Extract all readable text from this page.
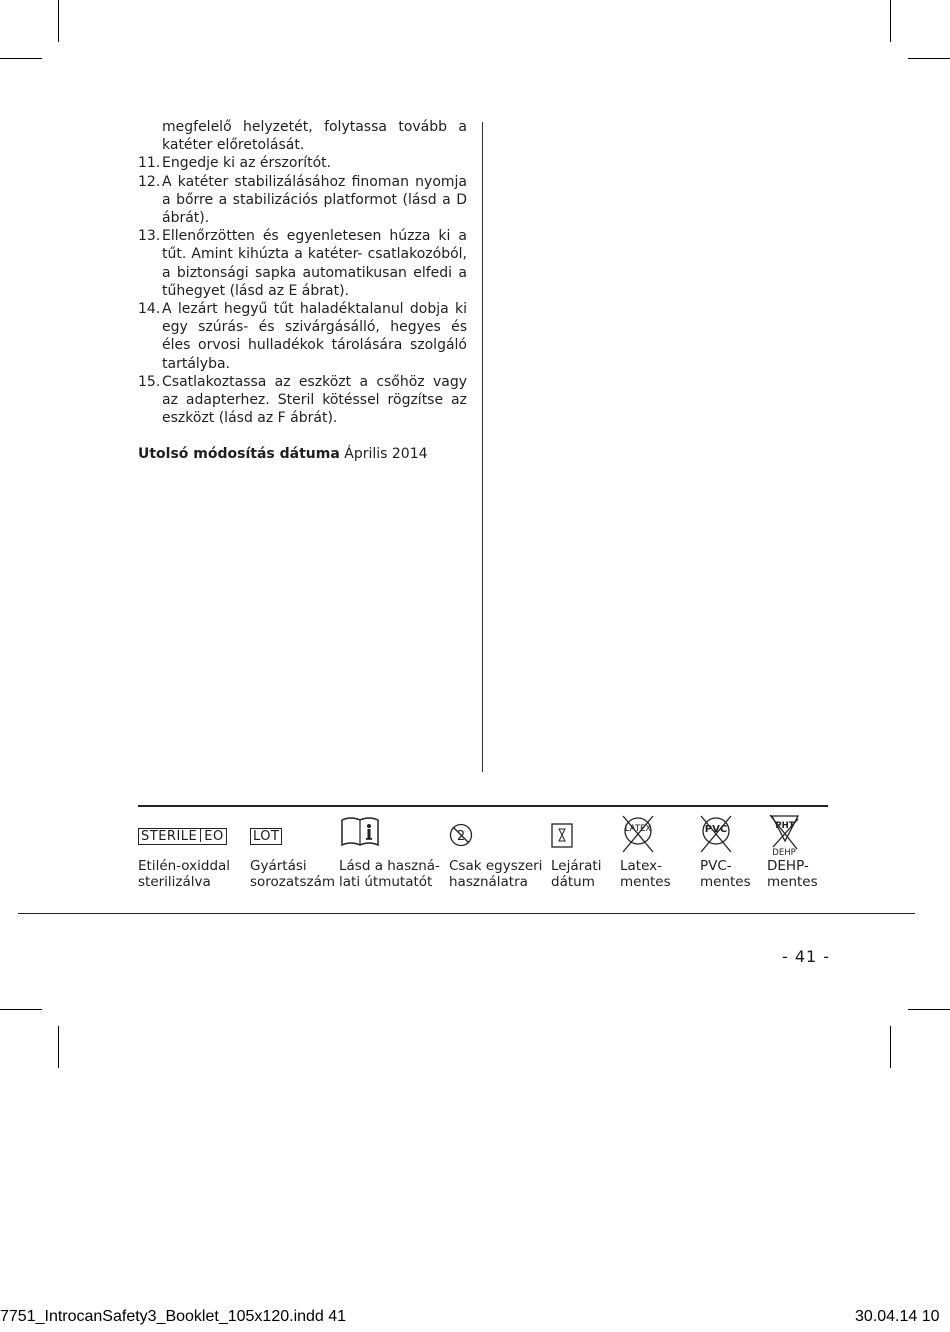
megfelelő helyzetét, folytassa tovább a katéter előretolását.
11. Engedje ki az érszorítót.
12. A katéter stabilizálásához finoman nyomja a bőrre a stabilizációs platformot (lásd a D ábrát).
13. Ellenőrzötten és egyenletesen húzza ki a tűt. Amint kihúzta a katéter- csatlakozóból, a biztonsági sapka automatikusan elfedi a tűhegyet (lásd az E ábrat).
14. A lezárt hegyű tűt haladéktalanul dobja ki egy szúrás- és szivárgásálló, hegyes és éles orvosi hulladékok tárolására szolgáló tartályba.
15. Csatlakoztassa az eszközt a csőhöz vagy az adapterhez. Steril kötéssel rögzítse az eszközt (lásd az F ábrát).
Utolsó módosítás dátuma Április 2014
STERILE EO
Etilén-oxiddal
sterilizálva
LOT
Gyártási
sorozatszám
Lásd a haszná-
lati útmutatót
2
Csak egyszeri
használatra
Lejárati
dátum
LATEX
Latex-
mentes
PVC
PVC-
mentes
PHT
DEHP
DEHP-
mentes
- 41 -
7751_IntrocanSafety3_Booklet_105x120.indd 41	30.04.14 10
